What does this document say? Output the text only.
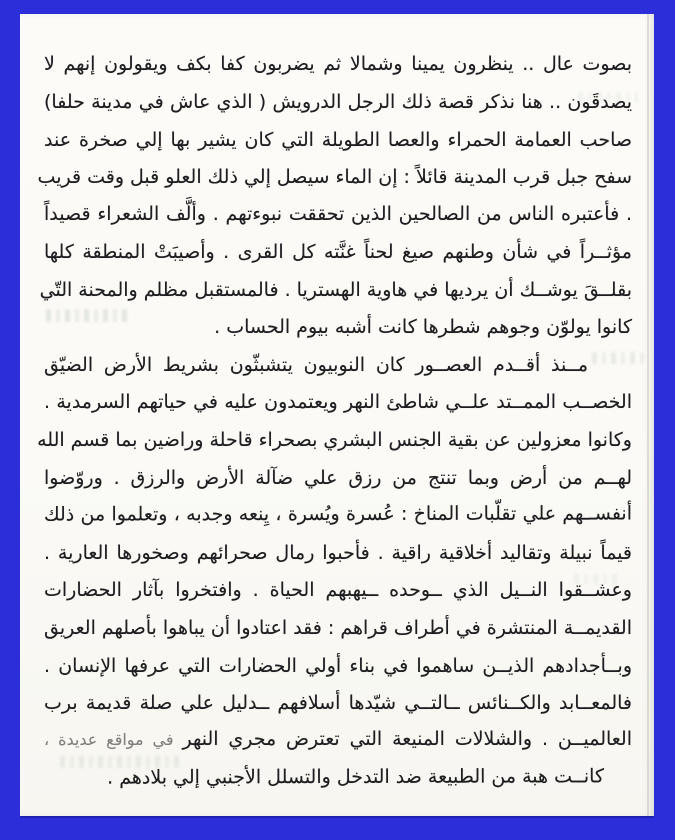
بصوت عال .. ينظرون يمينا وشمالا ثم يضربون كفا بكف ويقولون إنهم لا
يصدقَون .. هنا نذكر قصة ذلك الرجل الدرويش ( الذي عاش في مدينة حلفا)
صاحب العمامة الحمراء والعصا الطويلة التي كان يشير بها إلي صخرة عند
سفح جبل قرب المدينة قائلاً : إن الماء سيصل إلي ذلك العلو قبل وقت قريب
. فأعتبره الناس من الصالحين الذين تحققت نبوءتهم . وألَّف الشعراء قصيداً
مؤثــراً في شأن وطنهم صيغ لحناً غنَّته كل القرى . وأصيبَتْ المنطقة كلها
بقلــقَ يوشــك أن يرديها في هاوية الهستريا . فالمستقبل مظلم والمحنة التّي
كانوا يولوّن وجوهم شطرها كانت أشبه بيوم الحساب .
مــنذ أقــدم العصــور كان النوبيون يتشبثّون بشريط الأرض الضيّق
الخصــب الممــتد علــي شاطئ النهر ويعتمدون عليه في حياتهم السرمدية .
وكانوا معزولين عن بقية الجنس البشري بصحراء قاحلة وراضين بما قسم الله
لهــم من أرض وبما تنتج من رزق علي ضآلة الأرض والرزق . وروّضوا
أنفســهم علي تقلّبات المناخ : عُسرة ويُسرة ، يِنعه وجدبه ، وتعلموا من ذلك
قيماً نبيلة وتقاليد أخلاقية راقية . فأحبوا رمال صحرائهم وصخورها العارية .
وعشــقوا النــيل الذي ــوحده ــيهبهم الحياة . وافتخروا بآثار الحضارات
القديمــة المنتشرة في أطراف قراهم : فقد اعتادوا أن يباهوا بأصلهم العريق
وبــأجدادهم الذيــن ساهموا في بناء أولي الحضارات التي عرفها الإنسان .
فالمعــابد والكــنائس ــالتــي شيّدها أسلافهم ــدليل علي صلة قديمة برب
العالميــن . والشلالات المنيعة التي تعترض مجري النهر في مواقع عديدة ،
كانــت هبة من الطبيعة ضد التدخل والتسلل الأجنبي إلي بلادهم .
